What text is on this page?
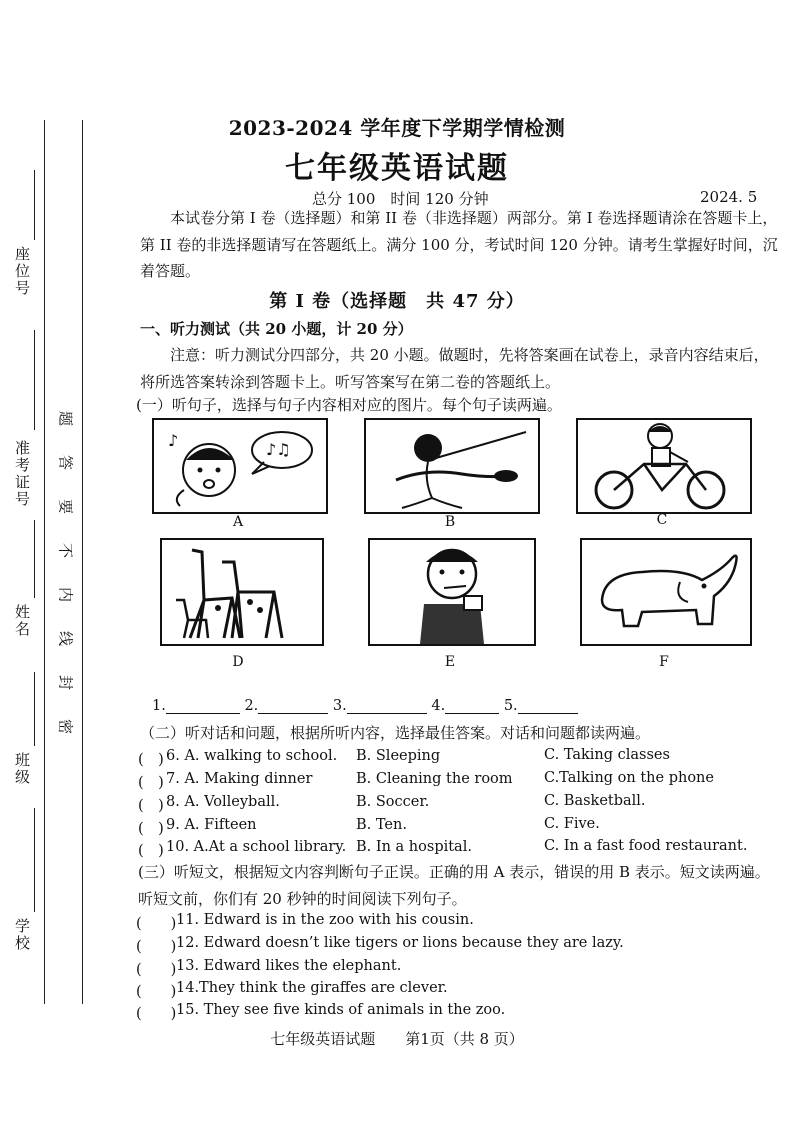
座位号
准考证号
姓名
班级
学校
题
答
要
不
内
线
封
密
2023-2024 学年度下学期学情检测
七年级英语试题
总分 100　时间 120 分钟	2024. 5

本试卷分第 I 卷（选择题）和第 II 卷（非选择题）两部分。第 I 卷选择题请涂在答题卡上，第 II 卷的非选择题请写在答题纸上。满分 100 分，考试时间 120 分钟。请考生掌握好时间，沉着答题。

第 I 卷（选择题　共 47 分）
一、听力测试（共 20 小题，计 20 分）

注意：听力测试分四部分，共 20 小题。做题时，先将答案画在试卷上，录音内容结束后，将所选答案转涂到答题卡上。听写答案写在第二卷的答题纸上。

(一）听句子，选择与句子内容相对应的图片。每个句子读两遍。
♪♫
♪
A	B	C
D	E	F
1.	2.	3.	4.	5.
（二）听对话和问题，根据所听内容，选择最佳答案。对话和问题都读两遍。
(　) 6. A. walking to school. B. Sleeping	C. Taking classes
(　) 7. A. Making dinner	B. Cleaning the room C.Talking on the phone
(　) 8. A. Volleyball.	B. Soccer.	C. Basketball.
(　) 9. A. Fifteen	B. Ten.	C. Five.
(　) 10. A.At a school library. B. In a hospital.	C. In a fast food restaurant.

(三）听短文，根据短文内容判断句子正误。正确的用 A 表示，错误的用 B 表示。短文读两遍。听短文前，你们有 20 秒钟的时间阅读下列句子。

(　　) 11. Edward is in the zoo with his cousin.
(　　) 12. Edward doesn’t like tigers or lions because they are lazy.
(　　) 13. Edward likes the elephant.
(　　) 14.They think the giraffes are clever.
(　　) 15. They see five kinds of animals in the zoo.
七年级英语试题　　第1页（共 8 页）
